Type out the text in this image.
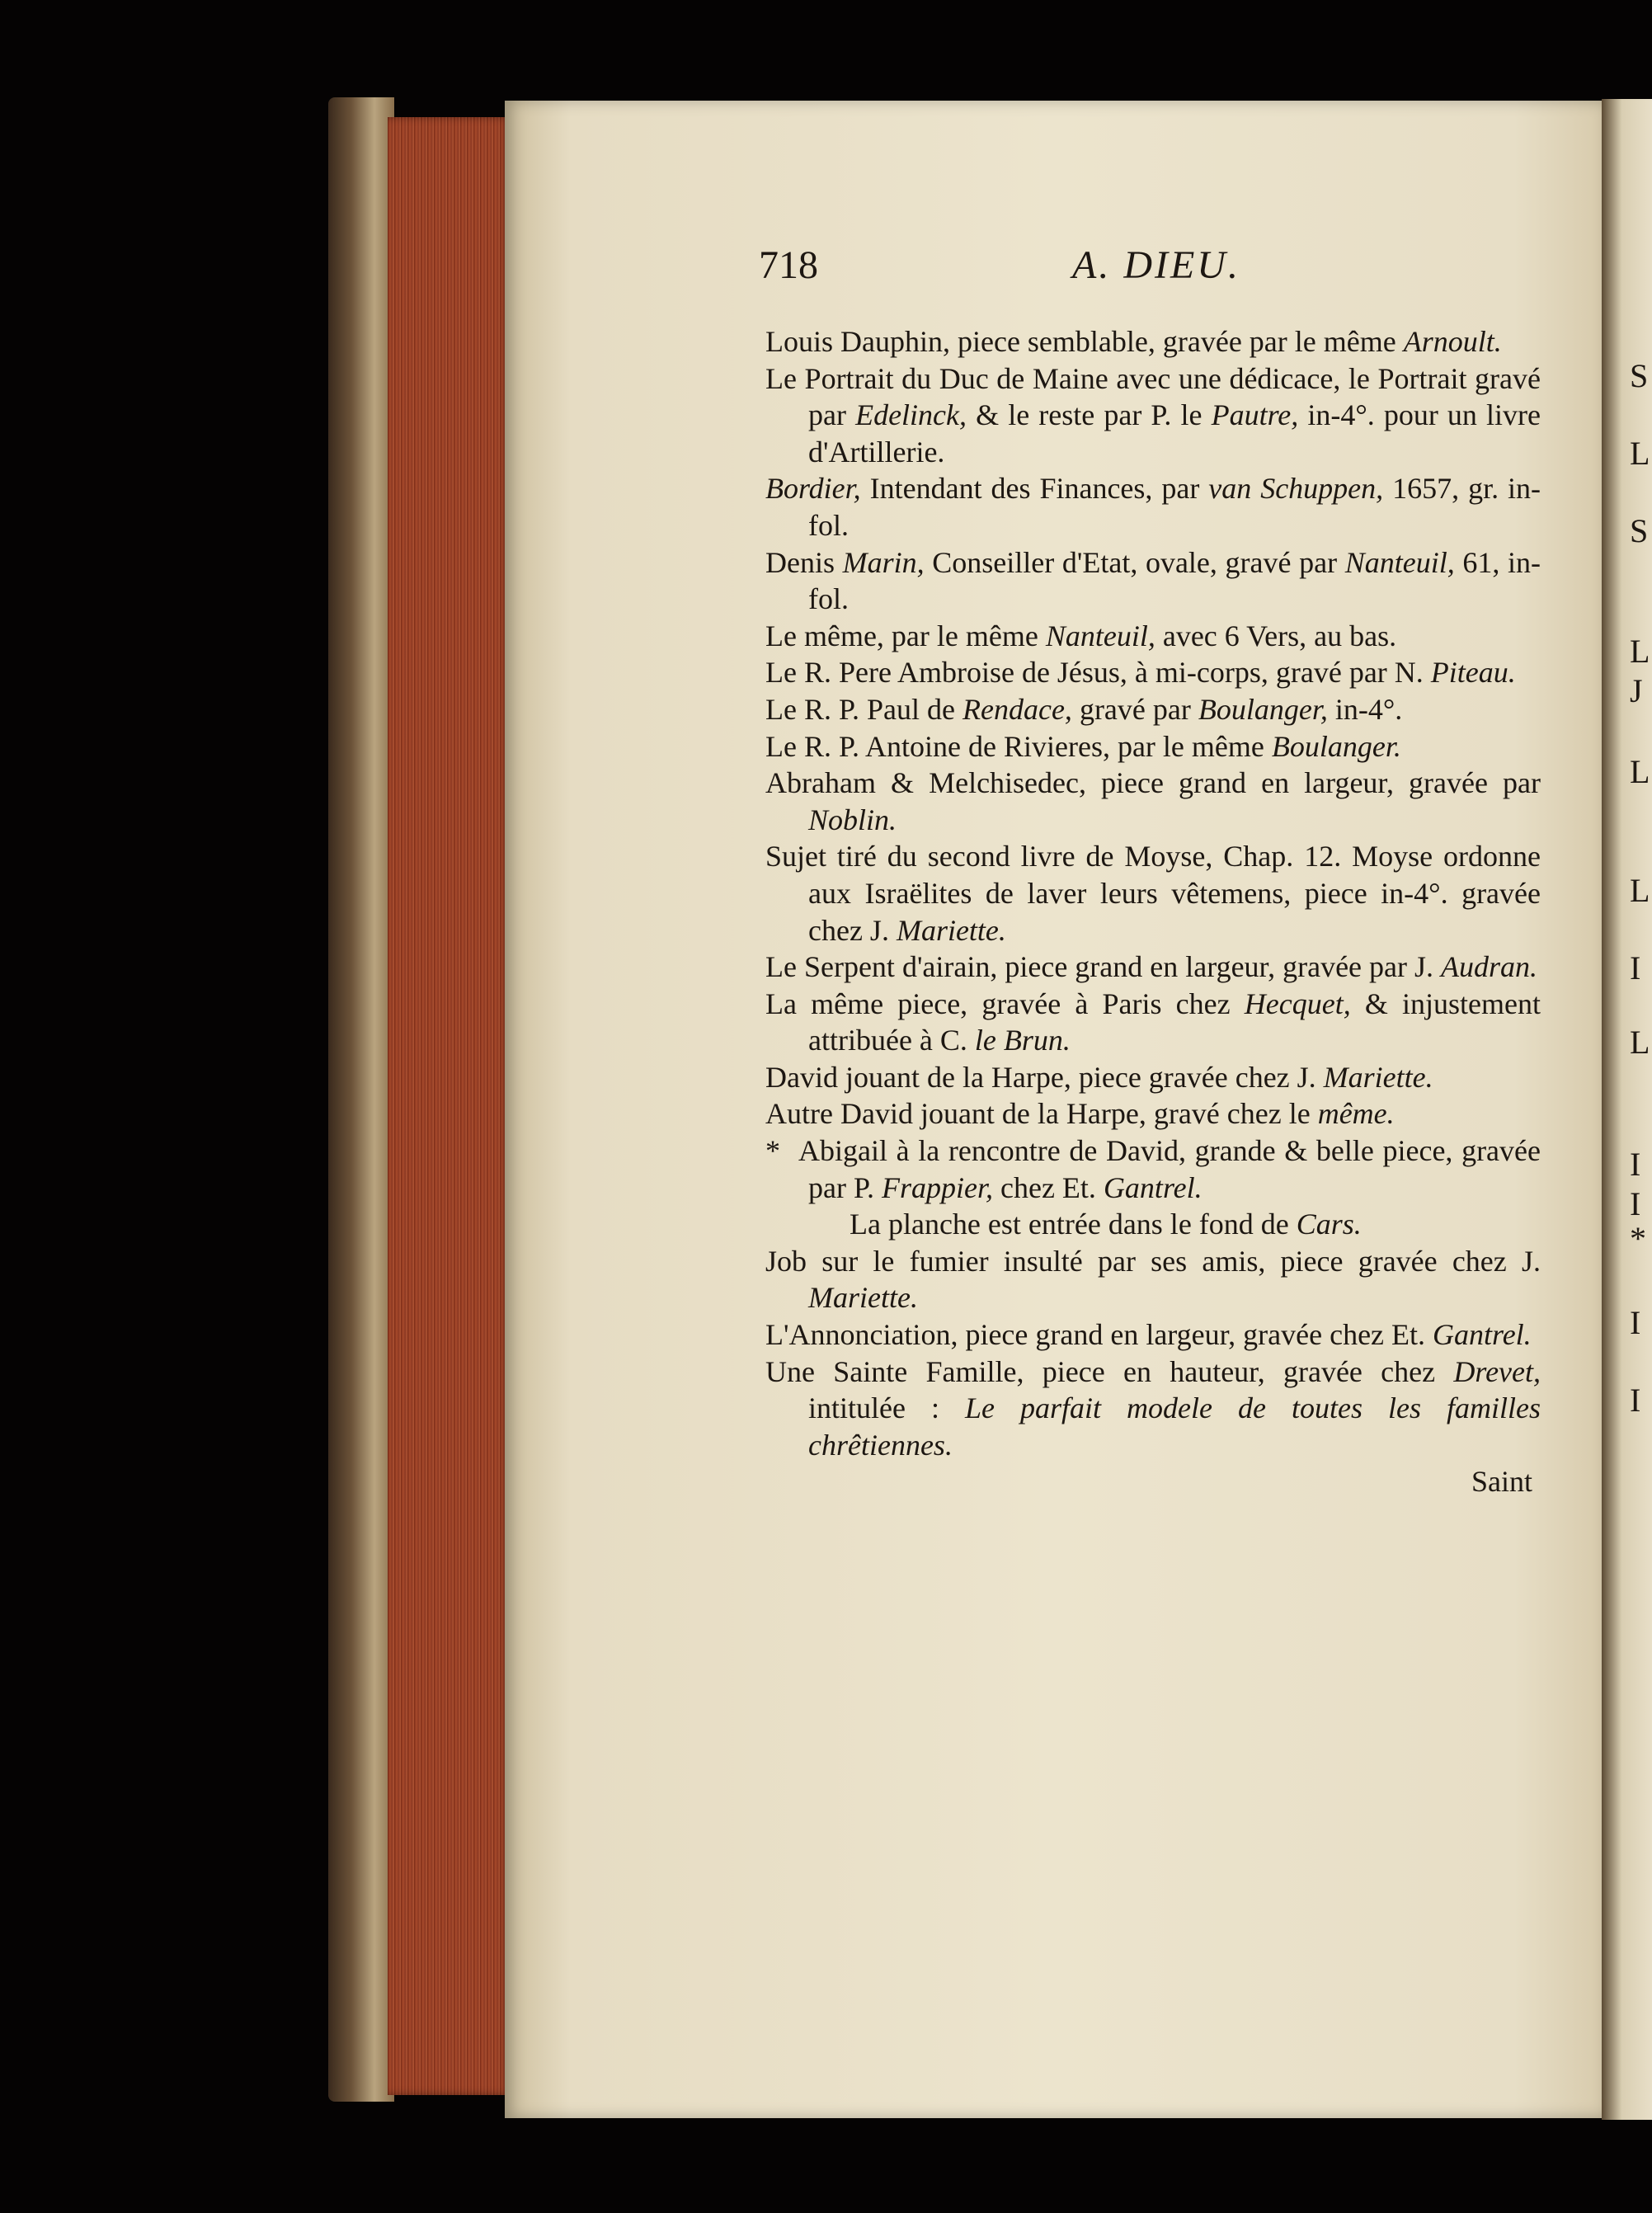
S
L
S
L
J
L
L
I
L
I
I
*
I
I
718	A. DIEU.

Louis Dauphin, piece semblable, gravée par le même Arnoult.

Le Portrait du Duc de Maine avec une dédicace, le Portrait gravé par Edelinck, & le reste par P. le Pautre, in-4°. pour un livre d'Artillerie.

Bordier, Intendant des Finances, par van Schuppen, 1657, gr. in-fol.

Denis Marin, Conseiller d'Etat, ovale, gravé par Nanteuil, 61, in-fol.

Le même, par le même Nanteuil, avec 6 Vers, au bas.

Le R. Pere Ambroise de Jésus, à mi-corps, gravé par N. Piteau.

Le R. P. Paul de Rendace, gravé par Boulanger, in-4°.

Le R. P. Antoine de Rivieres, par le même Boulanger.

Abraham & Melchisedec, piece grand en largeur, gravée par Noblin.

Sujet tiré du second livre de Moyse, Chap. 12. Moyse ordonne aux Israëlites de laver leurs vêtemens, piece in-4°. gravée chez J. Mariette.

Le Serpent d'airain, piece grand en largeur, gravée par J. Audran.

La même piece, gravée à Paris chez Hecquet, & injustement attribuée à C. le Brun.

David jouant de la Harpe, piece gravée chez J. Mariette.

Autre David jouant de la Harpe, gravé chez le même.

* Abigail à la rencontre de David, grande & belle piece, gravée par P. Frappier, chez Et. Gantrel.

La planche est entrée dans le fond de Cars.

Job sur le fumier insulté par ses amis, piece gravée chez J. Mariette.

L'Annonciation, piece grand en largeur, gravée chez Et. Gantrel.

Une Sainte Famille, piece en hauteur, gravée chez Drevet, intitulée : Le parfait modele de toutes les familles chrêtiennes.

Saint
